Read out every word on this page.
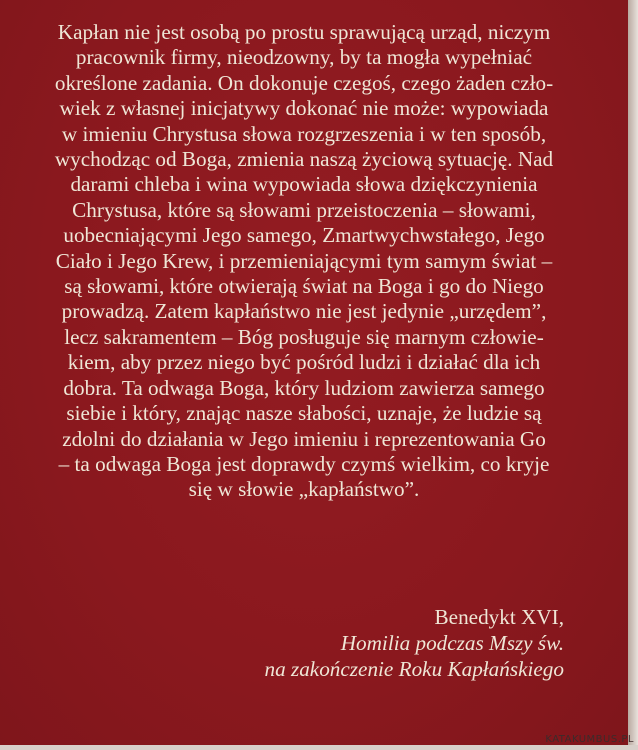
Kapłan nie jest osobą po prostu sprawującą urząd, niczym
pracownik firmy, nieodzowny, by ta mogła wypełniać
określone zadania. On dokonuje czegoś, czego żaden czło-
wiek z własnej inicjatywy dokonać nie może: wypowiada
w imieniu Chrystusa słowa rozgrzeszenia i w ten sposób,
wychodząc od Boga, zmienia naszą życiową sytuację. Nad
darami chleba i wina wypowiada słowa dziękczynienia
Chrystusa, które są słowami przeistoczenia – słowami,
uobecniającymi Jego samego, Zmartwychwstałego, Jego
Ciało i Jego Krew, i przemieniającymi tym samym świat –
są słowami, które otwierają świat na Boga i go do Niego
prowadzą. Zatem kapłaństwo nie jest jedynie „urzędem”,
lecz sakramentem – Bóg posługuje się marnym człowie-
kiem, aby przez niego być pośród ludzi i działać dla ich
dobra. Ta odwaga Boga, który ludziom zawierza samego
siebie i który, znając nasze słabości, uznaje, że ludzie są
zdolni do działania w Jego imieniu i reprezentowania Go
– ta odwaga Boga jest doprawdy czymś wielkim, co kryje
się w słowie „kapłaństwo”.

Benedykt XVI,
Homilia podczas Mszy św.
na zakończenie Roku Kapłańskiego
KATAKUMBUS.PL
